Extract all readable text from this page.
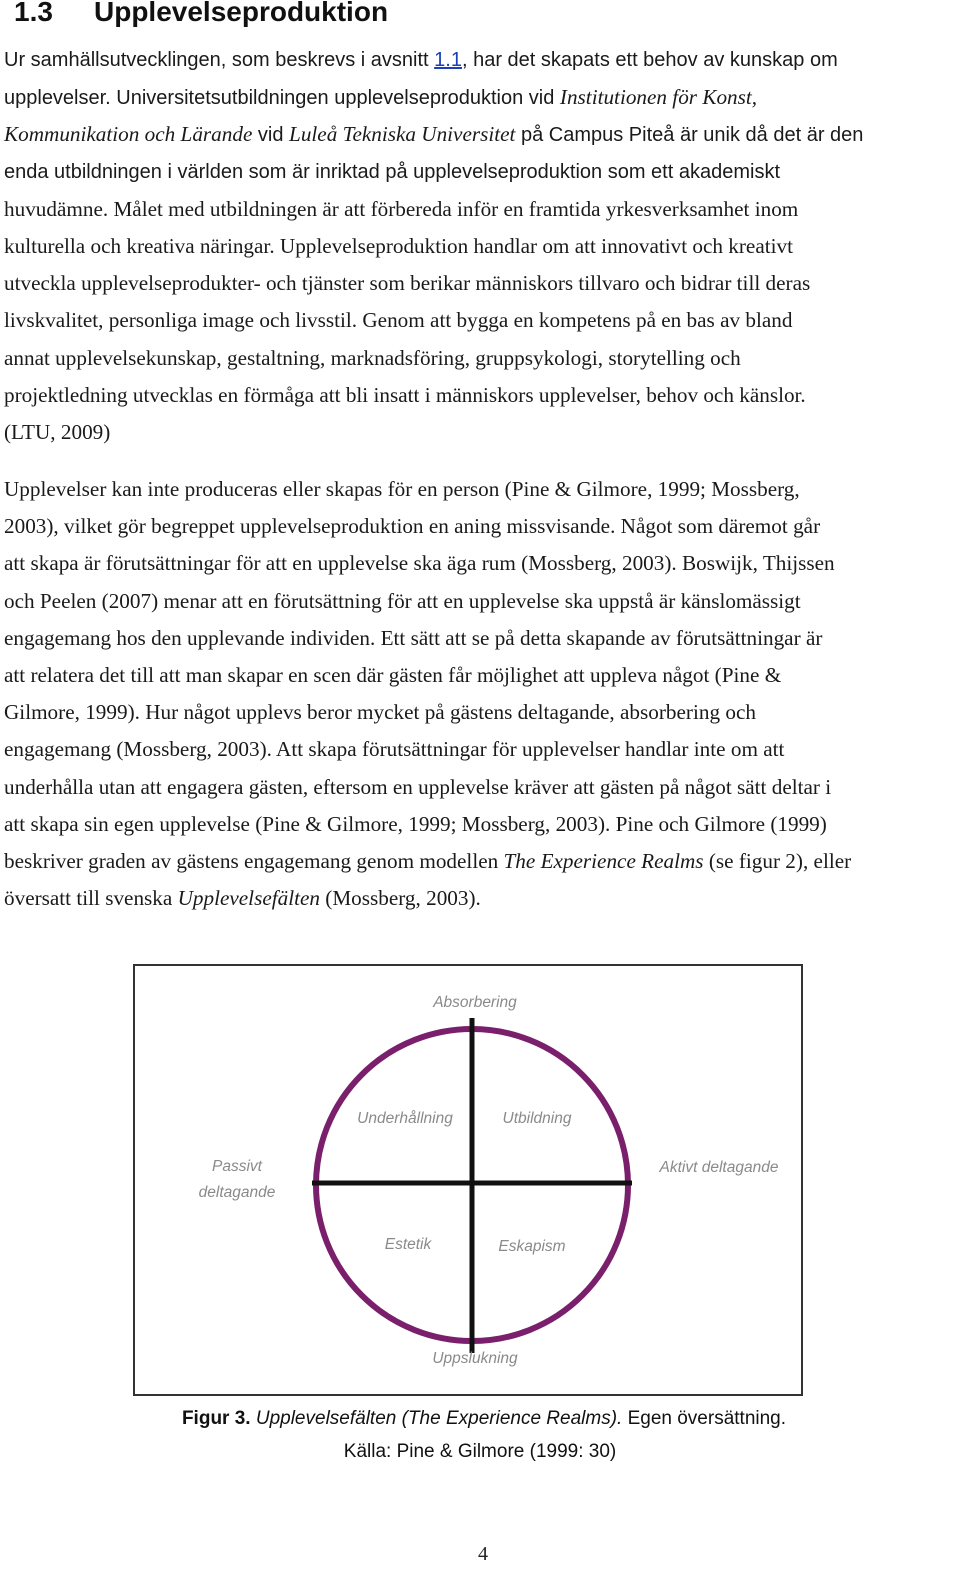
1.3 Upplevelseproduktion
Ur samhällsutvecklingen, som beskrevs i avsnitt 1.1, har det skapats ett behov av kunskap om
upplevelser. Universitetsutbildningen upplevelseproduktion vid Institutionen för Konst,
Kommunikation och Lärande vid Luleå Tekniska Universitet på Campus Piteå är unik då det är den
enda utbildningen i världen som är inriktad på upplevelseproduktion som ett akademiskt
huvudämne. Målet med utbildningen är att förbereda inför en framtida yrkesverksamhet inom
kulturella och kreativa näringar. Upplevelseproduktion handlar om att innovativt och kreativt
utveckla upplevelseprodukter- och tjänster som berikar människors tillvaro och bidrar till deras
livskvalitet, personliga image och livsstil. Genom att bygga en kompetens på en bas av bland
annat upplevelsekunskap, gestaltning, marknadsföring, gruppsykologi, storytelling och
projektledning utvecklas en förmåga att bli insatt i människors upplevelser, behov och känslor.
(LTU, 2009)
Upplevelser kan inte produceras eller skapas för en person (Pine & Gilmore, 1999; Mossberg,
2003), vilket gör begreppet upplevelseproduktion en aning missvisande. Något som däremot går
att skapa är förutsättningar för att en upplevelse ska äga rum (Mossberg, 2003). Boswijk, Thijssen
och Peelen (2007) menar att en förutsättning för att en upplevelse ska uppstå är känslomässigt
engagemang hos den upplevande individen. Ett sätt att se på detta skapande av förutsättningar är
att relatera det till att man skapar en scen där gästen får möjlighet att uppleva något (Pine &
Gilmore, 1999). Hur något upplevs beror mycket på gästens deltagande, absorbering och
engagemang (Mossberg, 2003). Att skapa förutsättningar för upplevelser handlar inte om att
underhålla utan att engagera gästen, eftersom en upplevelse kräver att gästen på något sätt deltar i
att skapa sin egen upplevelse (Pine & Gilmore, 1999; Mossberg, 2003). Pine och Gilmore (1999)
beskriver graden av gästens engagemang genom modellen The Experience Realms (se figur 2), eller
översatt till svenska Upplevelsefälten (Mossberg, 2003).
Absorbering
Uppslukning
Passivt
deltagande
Aktivt deltagande
Underhållning	Utbildning
Estetik	Eskapism
Figur 3. Upplevelsefälten (The Experience Realms). Egen översättning.
Källa: Pine & Gilmore (1999: 30)
4
